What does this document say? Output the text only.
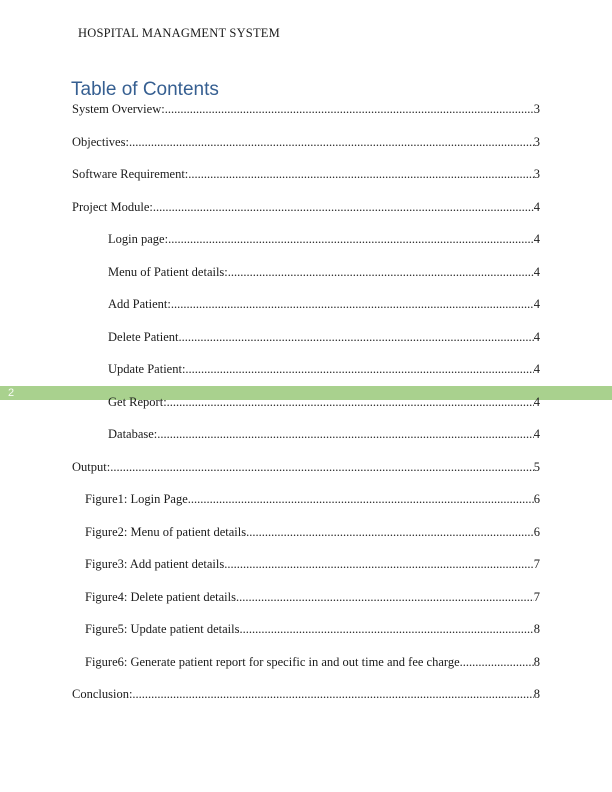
HOSPITAL MANAGMENT SYSTEM
Table of Contents
System Overview: .....	3
Objectives: .....	3
Software Requirement: .....	3
Project Module: .....	4
Login page: .....	4
Menu of Patient details: .....	4
Add Patient: .....	4
Delete Patient .....	4
Update Patient: .....	4
Get Report: .....	4
Database: .....	4
Output: .....	5
Figure1: Login Page .....	6
Figure2: Menu of patient details .....	6
Figure3: Add patient details .....	7
Figure4: Delete patient details .....	7
Figure5: Update patient details .....	8
Figure6: Generate patient report for specific in and out time and fee charge .....	8
Conclusion: .....	8
2
